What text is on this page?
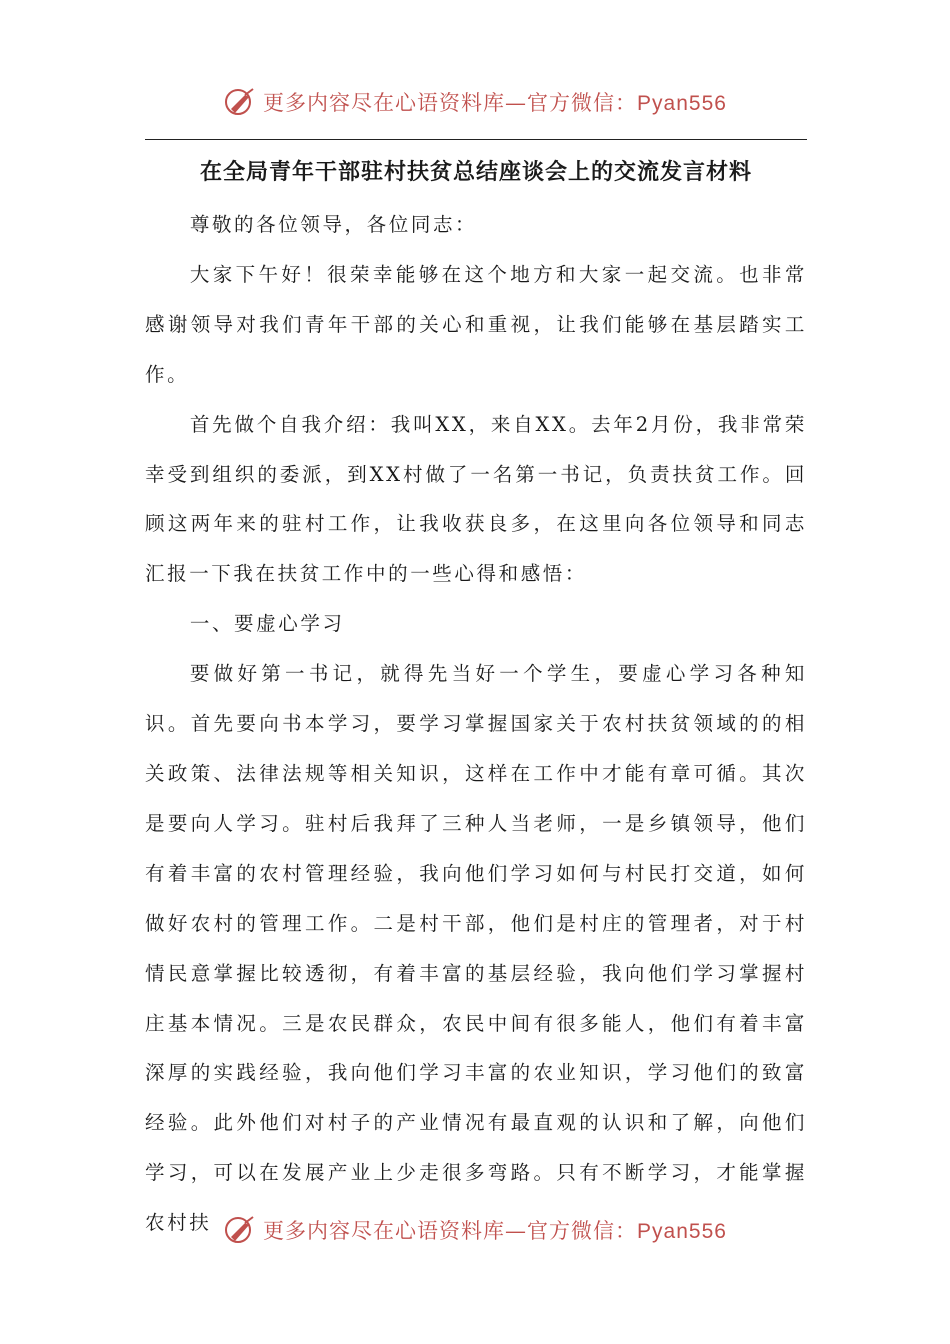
更多内容尽在心语资料库—官方微信：Pyan556
在全局青年干部驻村扶贫总结座谈会上的交流发言材料

尊敬的各位领导，各位同志：

大家下午好！很荣幸能够在这个地方和大家一起交流。也非常感谢领导对我们青年干部的关心和重视，让我们能够在基层踏实工作。

首先做个自我介绍：我叫XX，来自XX。去年2月份，我非常荣幸受到组织的委派，到XX村做了一名第一书记，负责扶贫工作。回顾这两年来的驻村工作，让我收获良多，在这里向各位领导和同志汇报一下我在扶贫工作中的一些心得和感悟：

一、要虚心学习

要做好第一书记，就得先当好一个学生，要虚心学习各种知识。首先要向书本学习，要学习掌握国家关于农村扶贫领域的的相关政策、法律法规等相关知识，这样在工作中才能有章可循。其次是要向人学习。驻村后我拜了三种人当老师，一是乡镇领导，他们有着丰富的农村管理经验，我向他们学习如何与村民打交道，如何做好农村的管理工作。二是村干部，他们是村庄的管理者，对于村情民意掌握比较透彻，有着丰富的基层经验，我向他们学习掌握村庄基本情况。三是农民群众，农民中间有很多能人，他们有着丰富深厚的实践经验，我向他们学习丰富的农业知识，学习他们的致富经验。此外他们对村子的产业情况有最直观的认识和了解，向他们学习，可以在发展产业上少走很多弯路。只有不断学习，才能掌握农村扶	更多内容尽在心语资料库—官方微信：Pyan556
